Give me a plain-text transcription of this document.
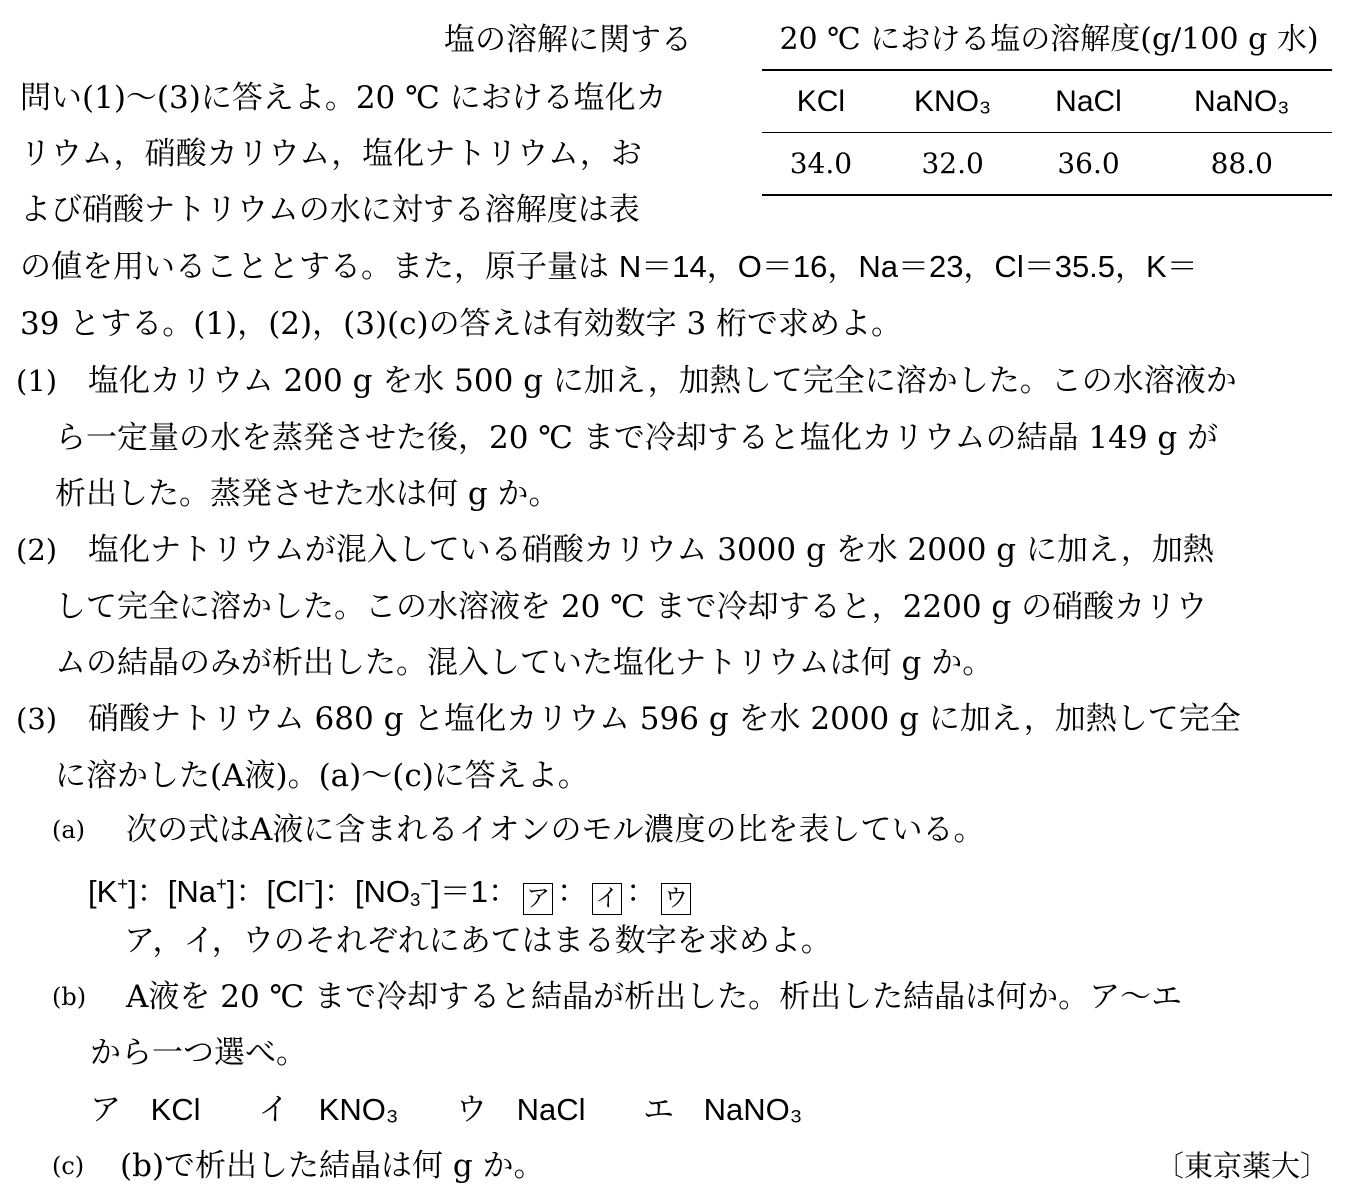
塩の溶解に関する
問い(1)～(3)に答えよ。20 ℃ における塩化カ
リウム，硝酸カリウム，塩化ナトリウム，お
よび硝酸ナトリウムの水に対する溶解度は表
の値を用いることとする。また，原子量は N＝14，O＝16，Na＝23，Cl＝35.5，K＝
39 とする。(1)，(2)，(3)(c)の答えは有効数字 3 桁で求めよ。
20 ℃ における塩の溶解度(g/100 g 水)
KCl	KNO₃	NaCl	NaNO₃
34.0	32.0	36.0	88.0
(1) 塩化カリウム 200 g を水 500 g に加え，加熱して完全に溶かした。この水溶液か
ら一定量の水を蒸発させた後，20 ℃ まで冷却すると塩化カリウムの結晶 149 g が
析出した。蒸発させた水は何 g か。
(2) 塩化ナトリウムが混入している硝酸カリウム 3000 g を水 2000 g に加え，加熱
して完全に溶かした。この水溶液を 20 ℃ まで冷却すると，2200 g の硝酸カリウ
ムの結晶のみが析出した。混入していた塩化ナトリウムは何 g か。
(3) 硝酸ナトリウム 680 g と塩化カリウム 596 g を水 2000 g に加え，加熱して完全
に溶かした(A液)。(a)～(c)に答えよ。
(a) 次の式はA液に含まれるイオンのモル濃度の比を表している。
[K+]：[Na+]：[Cl−]：$[NO_3^-]=1$： ア ： イ ： ウ
ア，イ，ウのそれぞれにあてはまる数字を求めよ。
(b) A液を 20 ℃ まで冷却すると結晶が析出した。析出した結晶は何か。ア～エ
から一つ選べ。
ア KCl イ KNO₃ ウ NaCl エ NaNO₃
(c) (b)で析出した結晶は何 g か。	〔東京薬大〕
